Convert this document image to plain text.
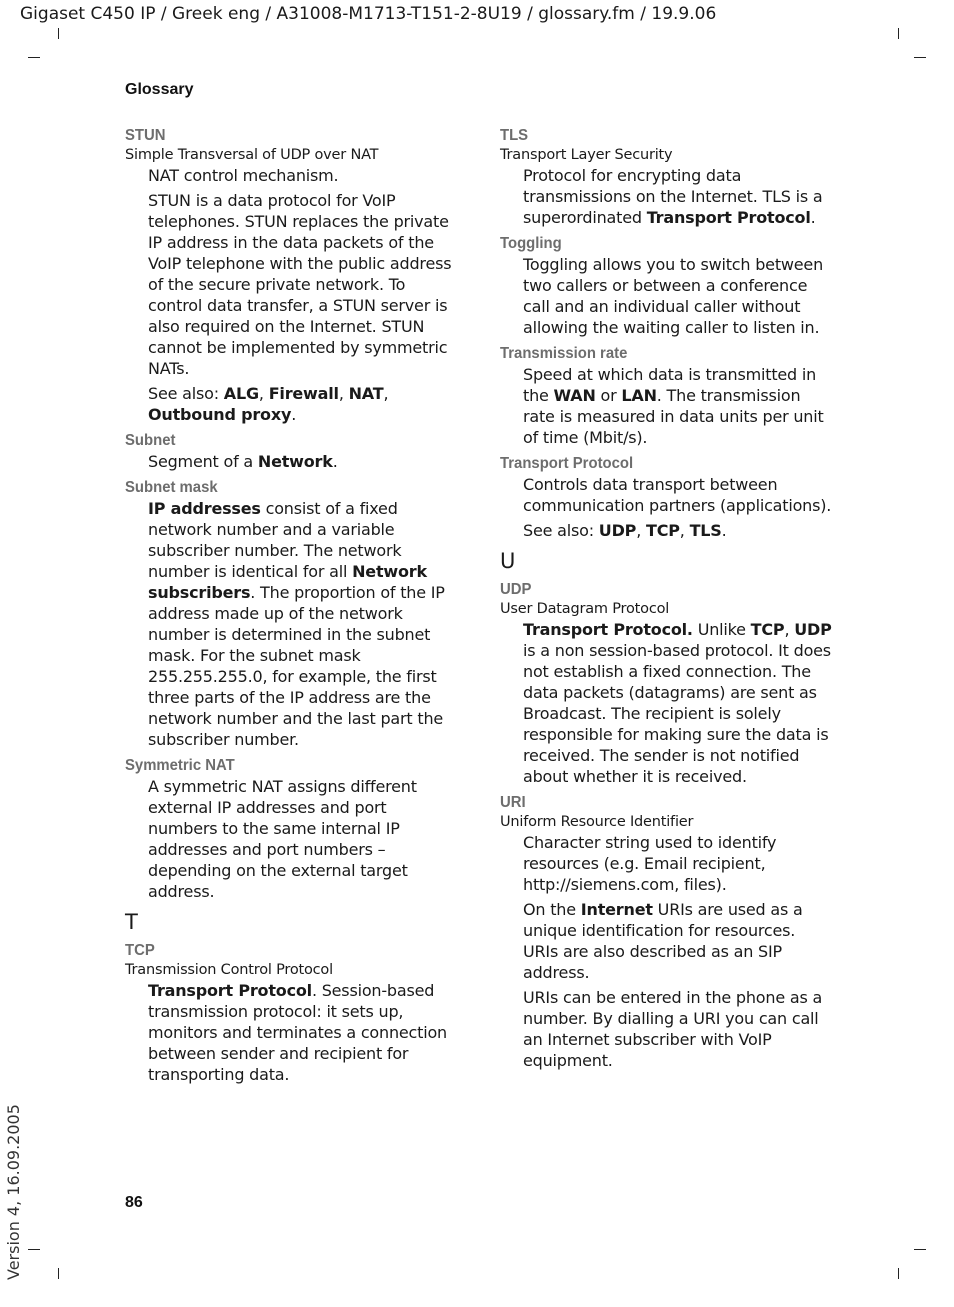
Gigaset C450 IP / Greek eng / A31008-M1713-T151-2-8U19 / glossary.fm / 19.9.06
Glossary
STUN
Simple Transversal of UDP over NAT
NAT control mechanism.
STUN is a data protocol for VoIP telephones. STUN replaces the private IP address in the data packets of the VoIP telephone with the public address of the secure private network. To control data transfer, a STUN server is also required on the Internet. STUN cannot be implemented by symmetric NATs.
See also: ALG, Firewall, NAT, Outbound proxy.
Subnet
Segment of a Network.
Subnet mask
IP addresses consist of a fixed network number and a variable subscriber number. The network number is identical for all Network subscribers. The proportion of the IP address made up of the network number is determined in the subnet mask. For the subnet mask 255.255.255.0, for example, the first three parts of the IP address are the network number and the last part the subscriber number.
Symmetric NAT
A symmetric NAT assigns different external IP addresses and port numbers to the same internal IP addresses and port numbers – depending on the external target address.
T
TCP
Transmission Control Protocol
Transport Protocol. Session-based transmission protocol: it sets up, monitors and terminates a connection between sender and recipient for transporting data.
TLS
Transport Layer Security
Protocol for encrypting data transmissions on the Internet. TLS is a superordinated Transport Protocol.
Toggling
Toggling allows you to switch between two callers or between a conference call and an individual caller without allowing the waiting caller to listen in.
Transmission rate
Speed at which data is transmitted in the WAN or LAN. The transmission rate is measured in data units per unit of time (Mbit/s).
Transport Protocol
Controls data transport between communication partners (applications).
See also: UDP, TCP, TLS.
U
UDP
User Datagram Protocol
Transport Protocol. Unlike TCP, UDP is a non session-based protocol. It does not establish a fixed connection. The data packets (datagrams) are sent as Broadcast. The recipient is solely responsible for making sure the data is received. The sender is not notified about whether it is received.
URI
Uniform Resource Identifier
Character string used to identify resources (e.g. Email recipient, http://siemens.com, files).
On the Internet URIs are used as a unique identification for resources. URIs are also described as an SIP address.
URIs can be entered in the phone as a number. By dialling a URI you can call an Internet subscriber with VoIP equipment.
86
Version 4, 16.09.2005
